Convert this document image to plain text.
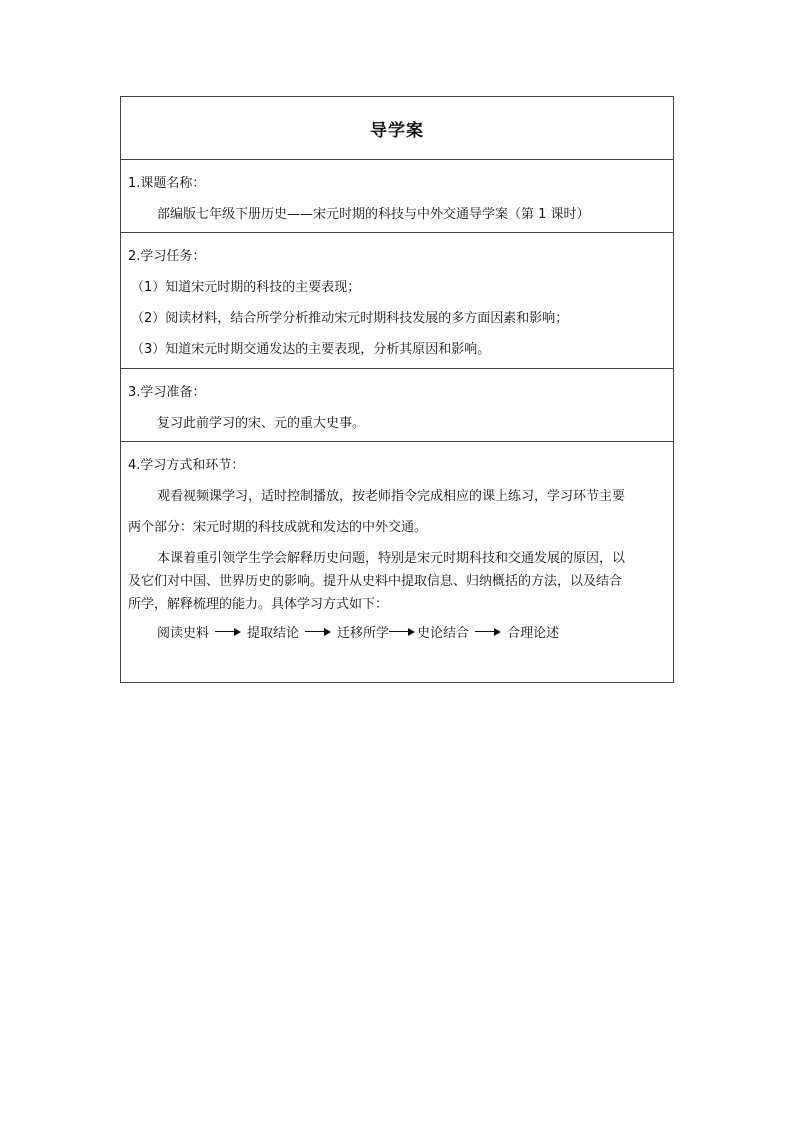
导学案
1.课题名称：
部编版七年级下册历史——宋元时期的科技与中外交通导学案（第 1 课时）
2.学习任务：
（1）知道宋元时期的科技的主要表现；
（2）阅读材料，结合所学分析推动宋元时期科技发展的多方面因素和影响；
（3）知道宋元时期交通发达的主要表现，分析其原因和影响。
3.学习准备：
复习此前学习的宋、元的重大史事。
4.学习方式和环节：
观看视频课学习，适时控制播放，按老师指令完成相应的课上练习，学习环节主要
两个部分：宋元时期的科技成就和发达的中外交通。
本课着重引领学生学会解释历史问题，特别是宋元时期科技和交通发展的原因，以
及它们对中国、世界历史的影响。提升从史料中提取信息、归纳概括的方法，以及结合
所学，解释梳理的能力。具体学习方式如下：
阅读史料	提取结论	迁移所学 史论结合	合理论述
